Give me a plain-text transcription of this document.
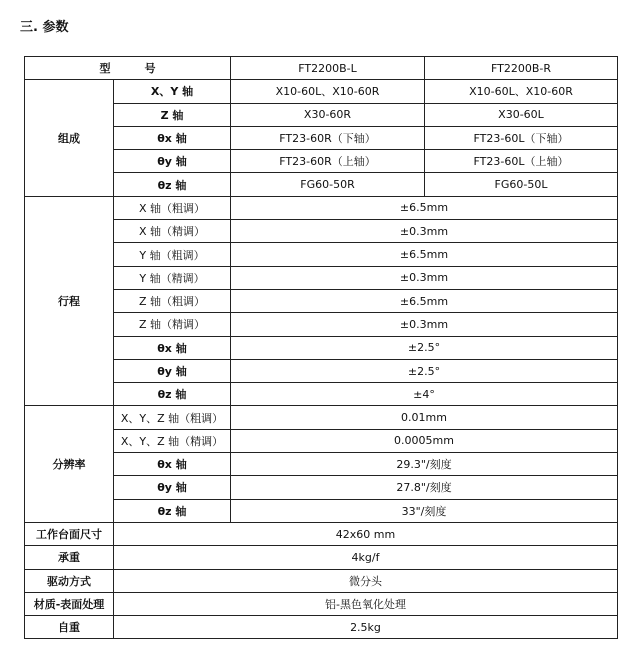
三. 参数
型 号		FT2200B-L	FT2200B-R
组成	X、Y 轴	X10-60L、X10-60R	X10-60L、X10-60R
	Z 轴	X30-60R	X30-60L
	θx 轴	FT23-60R（下轴）	FT23-60L（下轴）
	θy 轴	FT23-60R（上轴）	FT23-60L（上轴）
	θz 轴	FG60-50R	FG60-50L
行程	X 轴（粗调）	±6.5mm	
	X 轴（精调）	±0.3mm	
	Y 轴（粗调）	±6.5mm	
	Y 轴（精调）	±0.3mm	
	Z 轴（粗调）	±6.5mm	
	Z 轴（精调）	±0.3mm	
	θx 轴	±2.5°	
	θy 轴	±2.5°	
	θz 轴	±4°	
分辨率	X、Y、Z 轴（粗调）	0.01mm	
	X、Y、Z 轴（精调）	0.0005mm	
	θx 轴	29.3"/刻度	
	θy 轴	27.8"/刻度	
	θz 轴	33"/刻度	
工作台面尺寸	42x60 mm		
承重	4kg/f		
驱动方式	微分头		
材质-表面处理	铝-黑色氧化处理		
自重	2.5kg		
